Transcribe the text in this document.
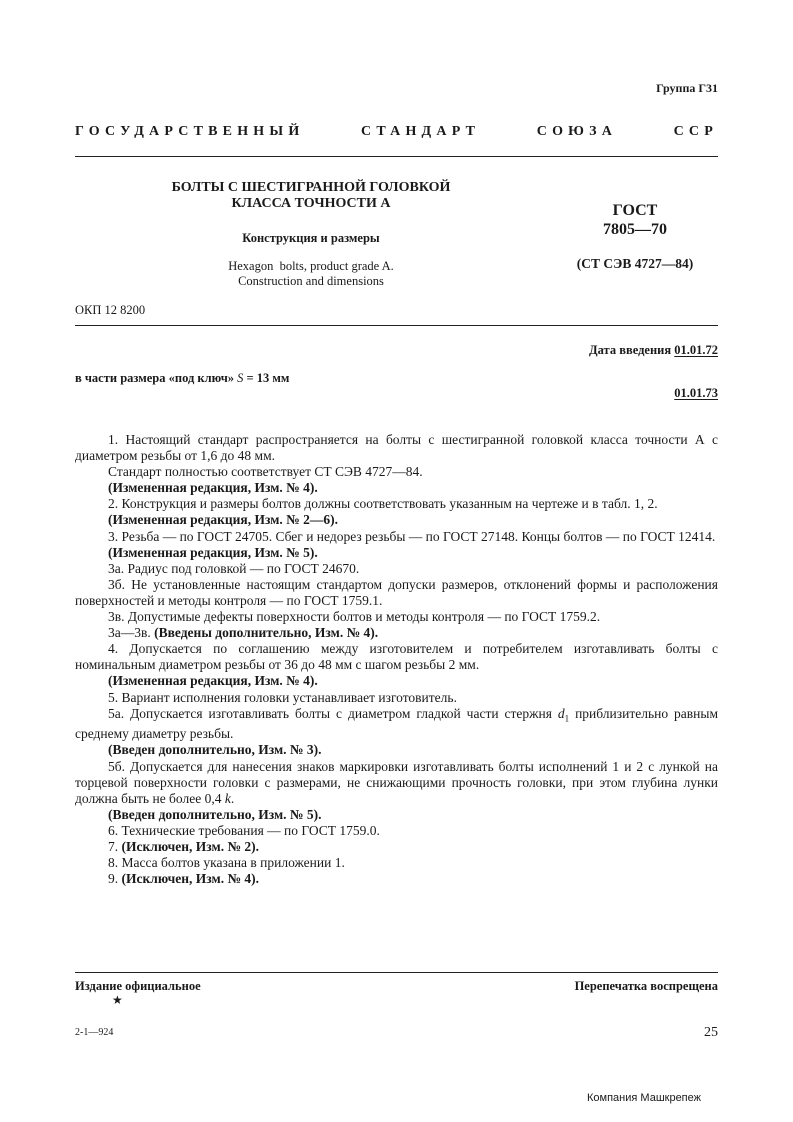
Группа Г31
ГОСУДАРСТВЕННЫЙ СТАНДАРТ СОЮЗА ССР
БОЛТЫ С ШЕСТИГРАННОЙ ГОЛОВКОЙ
КЛАССА ТОЧНОСТИ А
Конструкция и размеры
Hexagon  bolts, product grade A.
Construction and dimensions
ГОСТ
7805—70
(СТ СЭВ 4727—84)
ОКП 12 8200
Дата введения 01.01.72
в части размера «под ключ» S = 13 мм
01.01.73

1. Настоящий стандарт распространяется на болты с шестигранной головкой класса точности А с диаметром резьбы от 1,6 до 48 мм.

Стандарт полностью соответствует СТ СЭВ 4727—84.

(Измененная редакция, Изм. № 4).

2. Конструкция и размеры болтов должны соответствовать указанным на чертеже и в табл. 1, 2.

(Измененная редакция, Изм. № 2—6).

3. Резьба — по ГОСТ 24705. Сбег и недорез резьбы — по ГОСТ 27148. Концы болтов — по ГОСТ 12414.

(Измененная редакция, Изм. № 5).

3а. Радиус под головкой — по ГОСТ 24670.

3б. Не установленные настоящим стандартом допуски размеров, отклонений формы и расположения поверхностей и методы контроля — по ГОСТ 1759.1.

3в. Допустимые дефекты поверхности болтов и методы контроля — по ГОСТ 1759.2.

3а—3в. (Введены дополнительно, Изм. № 4).

4. Допускается по соглашению между изготовителем и потребителем изготавливать болты с номинальным диаметром резьбы от 36 до 48 мм с шагом резьбы 2 мм.

(Измененная редакция, Изм. № 4).

5. Вариант исполнения головки устанавливает изготовитель.

5а. Допускается изготавливать болты с диаметром гладкой части стержня $d_1$ приблизительно равным среднему диаметру резьбы.

(Введен дополнительно, Изм. № 3).

5б. Допускается для нанесения знаков маркировки изготавливать болты исполнений 1 и 2 с лункой на торцевой поверхности головки с размерами, не снижающими прочность головки, при этом глубина лунки должна быть не более 0,4 k.

(Введен дополнительно, Изм. № 5).

6. Технические требования — по ГОСТ 1759.0.

7. (Исключен, Изм. № 2).

8. Масса болтов указана в приложении 1.

9. (Исключен, Изм. № 4).

Издание официальное
★
Перепечатка воспрещена
2-1—924	25
Компания Машкрепеж
